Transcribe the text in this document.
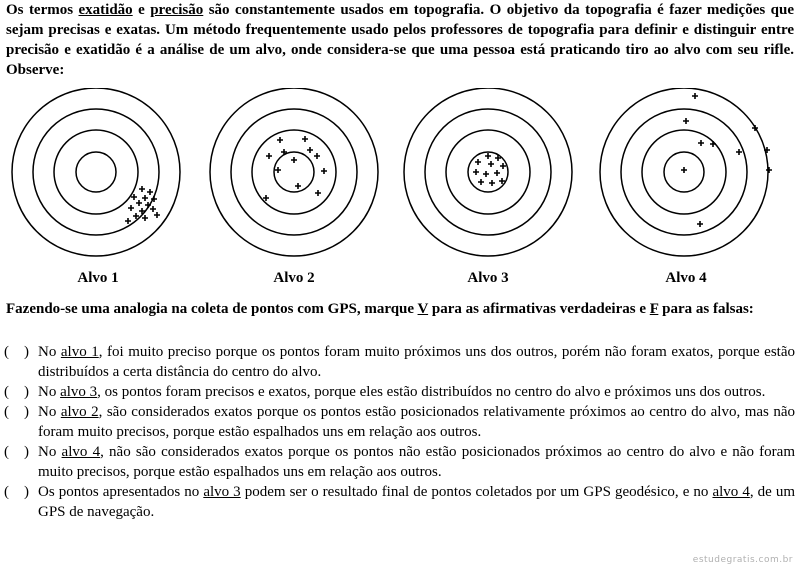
Os termos exatidão e precisão são constantemente usados em topografia. O objetivo da topografia é fazer medições que sejam precisas e exatas. Um método frequentemente usado pelos professores de topografia para definir e distinguir entre precisão e exatidão é a análise de um alvo, onde considera-se que uma pessoa está praticando tiro ao alvo com seu rifle. Observe:
Alvo 1	Alvo 2	Alvo 3	Alvo 4
Fazendo-se uma analogia na coleta de pontos com GPS, marque V para as afirmativas verdadeiras e F para as falsas:
(    ) No alvo 1, foi muito preciso porque os pontos foram muito próximos uns dos outros, porém não foram exatos, porque estão distribuídos a certa distância do centro do alvo.
(    ) No alvo 3, os pontos foram precisos e exatos, porque eles estão distribuídos no centro do alvo e próximos uns dos outros.
(    ) No alvo 2, são considerados exatos porque os pontos estão posicionados relativamente próximos ao centro do alvo, mas não foram muito precisos, porque estão espalhados uns em relação aos outros.
(    ) No alvo 4, não são considerados exatos porque os pontos não estão posicionados próximos ao centro do alvo e não foram muito precisos, porque estão espalhados uns em relação aos outros.
(    ) Os pontos apresentados no alvo 3 podem ser o resultado final de pontos coletados por um GPS geodésico, e no alvo 4, de um GPS de navegação.
estudegratis.com.br
